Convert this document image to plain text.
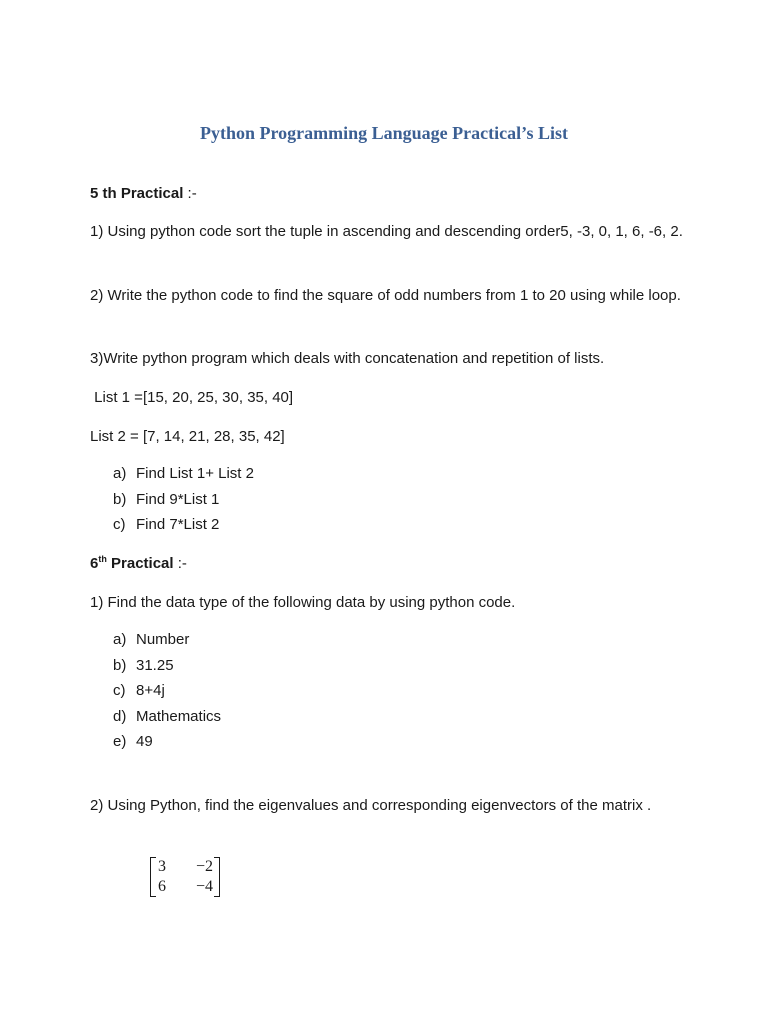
Python Programming Language Practical’s List
5 th Practical :-
1) Using python code sort the tuple in ascending and descending order5, -3, 0, 1, 6, -6, 2.
2) Write the python code to find the square of odd numbers from 1 to 20 using while loop.
3)Write python program which deals with concatenation and repetition of lists.
List 1 =[15, 20, 25, 30, 35, 40]
List 2 = [7, 14, 21, 28, 35, 42]
a) Find List 1+ List 2
b) Find 9*List 1
c) Find 7*List 2
6th Practical :-
1) Find the data type of the following data by using python code.
a) Number
b) 31.25
c) 8+4j
d) Mathematics
e) 49
2) Using Python, find the eigenvalues and corresponding eigenvectors of the matrix .
3	−2
6	−4
